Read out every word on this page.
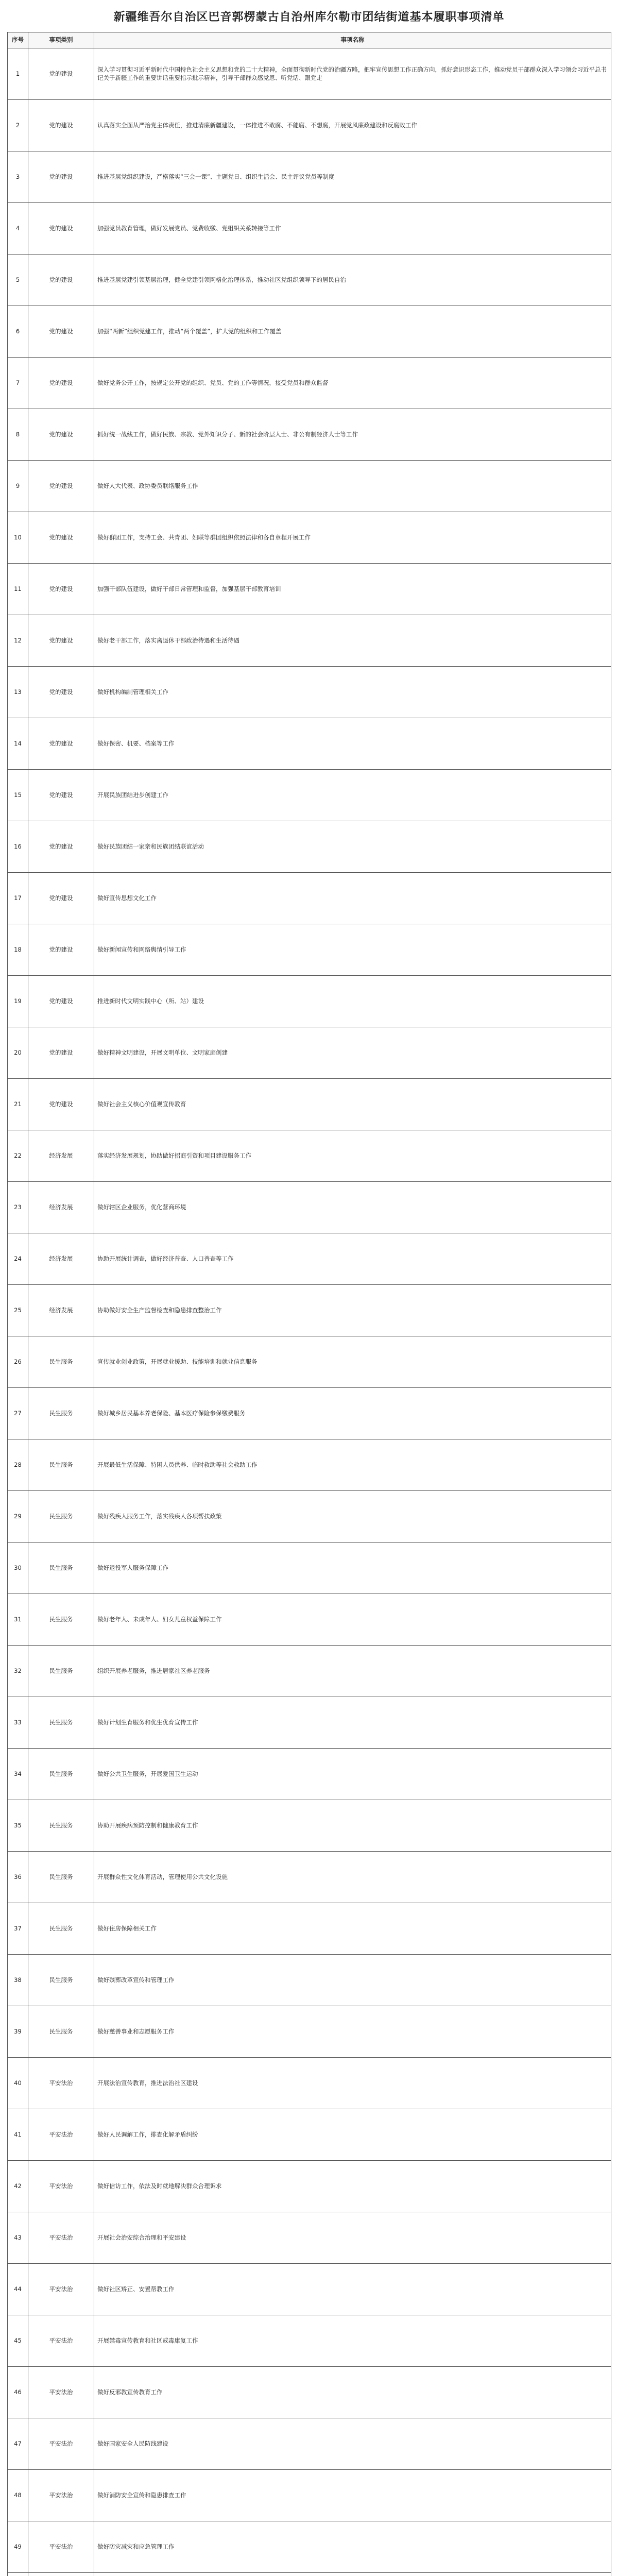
新疆维吾尔自治区巴音郭楞蒙古自治州库尔勒市团结街道基本履职事项清单
序号	事项类别	事项名称
1	党的建设	深入学习贯彻习近平新时代中国特色社会主义思想和党的二十大精神，全面贯彻新时代党的治疆方略，把牢宣传思想工作正确方向，抓好意识形态工作，推动党员干部群众深入学习领会习近平总书记关于新疆工作的重要讲话重要指示批示精神，引导干部群众感党恩、听党话、跟党走
2	党的建设	认真落实全面从严治党主体责任，推进清廉新疆建设，一体推进不敢腐、不能腐、不想腐，开展党风廉政建设和反腐败工作
3	党的建设	推进基层党组织建设，严格落实“三会一课”、主题党日、组织生活会、民主评议党员等制度
4	党的建设	加强党员教育管理，做好发展党员、党费收缴、党组织关系转接等工作
5	党的建设	推进基层党建引领基层治理，健全党建引领网格化治理体系，推动社区党组织领导下的居民自治
6	党的建设	加强“两新”组织党建工作，推动“两个覆盖”，扩大党的组织和工作覆盖
7	党的建设	做好党务公开工作，按规定公开党的组织、党员、党的工作等情况，接受党员和群众监督
8	党的建设	抓好统一战线工作，做好民族、宗教、党外知识分子、新的社会阶层人士、非公有制经济人士等工作
9	党的建设	做好人大代表、政协委员联络服务工作
10	党的建设	做好群团工作，支持工会、共青团、妇联等群团组织依照法律和各自章程开展工作
11	党的建设	加强干部队伍建设，做好干部日常管理和监督，加强基层干部教育培训
12	党的建设	做好老干部工作，落实离退休干部政治待遇和生活待遇
13	党的建设	做好机构编制管理相关工作
14	党的建设	做好保密、机要、档案等工作
15	党的建设	开展民族团结进步创建工作
16	党的建设	做好民族团结一家亲和民族团结联谊活动
17	党的建设	做好宣传思想文化工作
18	党的建设	做好新闻宣传和网络舆情引导工作
19	党的建设	推进新时代文明实践中心（所、站）建设
20	党的建设	做好精神文明建设，开展文明单位、文明家庭创建
21	党的建设	做好社会主义核心价值观宣传教育
22	经济发展	落实经济发展规划，协助做好招商引资和项目建设服务工作
23	经济发展	做好辖区企业服务，优化营商环境
24	经济发展	协助开展统计调查，做好经济普查、人口普查等工作
25	经济发展	协助做好安全生产监督检查和隐患排查整治工作
26	民生服务	宣传就业创业政策，开展就业援助、技能培训和就业信息服务
27	民生服务	做好城乡居民基本养老保险、基本医疗保险参保缴费服务
28	民生服务	开展最低生活保障、特困人员供养、临时救助等社会救助工作
29	民生服务	做好残疾人服务工作，落实残疾人各项帮扶政策
30	民生服务	做好退役军人服务保障工作
31	民生服务	做好老年人、未成年人、妇女儿童权益保障工作
32	民生服务	组织开展养老服务，推进居家社区养老服务
33	民生服务	做好计划生育服务和优生优育宣传工作
34	民生服务	做好公共卫生服务，开展爱国卫生运动
35	民生服务	协助开展疾病预防控制和健康教育工作
36	民生服务	开展群众性文化体育活动，管理使用公共文化设施
37	民生服务	做好住房保障相关工作
38	民生服务	做好殡葬改革宣传和管理工作
39	民生服务	做好慈善事业和志愿服务工作
40	平安法治	开展法治宣传教育，推进法治社区建设
41	平安法治	做好人民调解工作，排查化解矛盾纠纷
42	平安法治	做好信访工作，依法及时就地解决群众合理诉求
43	平安法治	开展社会治安综合治理和平安建设
44	平安法治	做好社区矫正、安置帮教工作
45	平安法治	开展禁毒宣传教育和社区戒毒康复工作
46	平安法治	做好反邪教宣传教育工作
47	平安法治	做好国家安全人民防线建设
48	平安法治	做好消防安全宣传和隐患排查工作
49	平安法治	做好防灾减灾和应急管理工作
